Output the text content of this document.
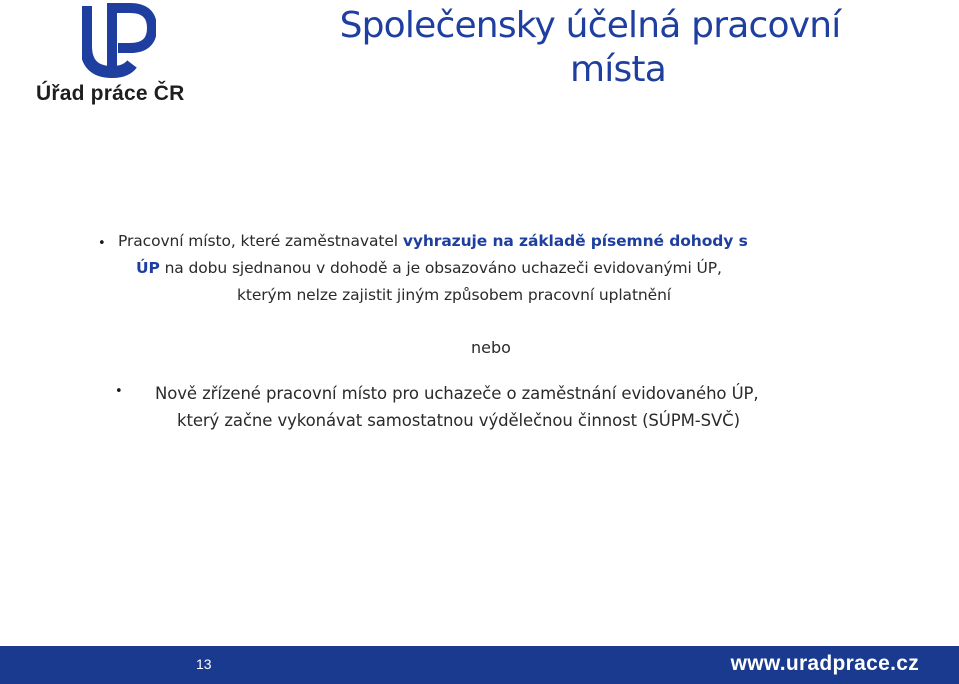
Úřad práce ČR
Společensky účelná pracovní
místa
• Pracovní místo, které zaměstnavatel vyhrazuje na základě písemné dohody s
ÚP na dobu sjednanou v dohodě a je obsazováno uchazeči evidovanými ÚP,
kterým nelze zajistit jiným způsobem pracovní uplatnění
nebo
• Nově zřízené pracovní místo pro uchazeče o zaměstnání evidovaného ÚP,
který začne vykonávat samostatnou výdělečnou činnost (SÚPM-SVČ)
13	www.uradprace.cz
